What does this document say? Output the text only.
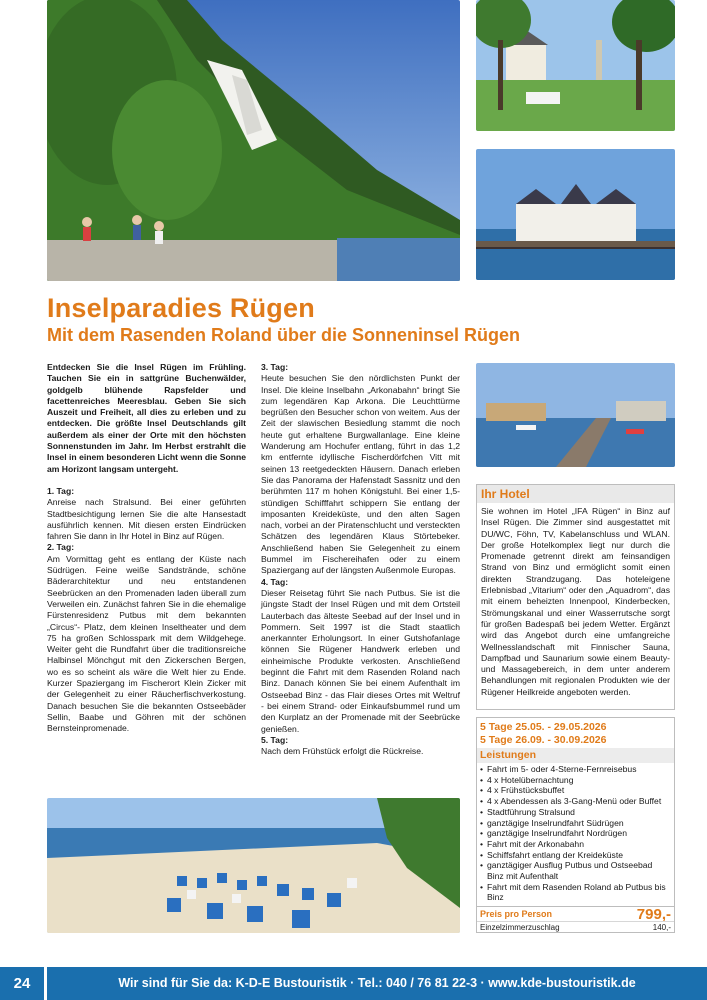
Inselparadies Rügen
Mit dem Rasenden Roland über die Sonneninsel Rügen

Entdecken Sie die Insel Rügen im Frühling. Tauchen Sie ein in sattgrüne Buchenwälder, goldgelb blühende Rapsfelder und facettenreiches Meeresblau. Geben Sie sich Auszeit und Freiheit, all dies zu erleben und zu entdecken. Die größte Insel Deutschlands gilt außerdem als einer der Orte mit den höchsten Sonnenstunden im Jahr. Im Herbst erstrahlt die Insel in einem besonderen Licht wenn die Sonne am Horizont langsam untergeht.

1. Tag:

Anreise nach Stralsund. Bei einer geführten Stadtbesichtigung lernen Sie die alte Hansestadt ausführlich kennen. Mit diesen ersten Eindrücken fahren Sie dann in Ihr Hotel in Binz auf Rügen.

2. Tag:

Am Vormittag geht es entlang der Küste nach Südrügen. Feine weiße Sandstrände, schöne Bäderarchitektur und neu entstandenen Seebrücken an den Promenaden laden überall zum Verweilen ein. Zunächst fahren Sie in die ehemalige Fürstenresidenz Putbus mit dem bekannten „Circus“- Platz, dem kleinen Inseltheater und dem 75 ha großen Schlosspark mit dem Wildgehege. Weiter geht die Rundfahrt über die traditionsreiche Halbinsel Mönchgut mit den Zickerschen Bergen, wo es so scheint als wäre die Welt hier zu Ende. Kurzer Spaziergang im Fischerort Klein Zicker mit der Gelegenheit zu einer Räucherfischverkostung. Danach besuchen Sie die bekannten Ostseebäder Sellin, Baabe und Göhren mit der schönen Bernsteinpromenade.

3. Tag:

Heute besuchen Sie den nördlichsten Punkt der Insel. Die kleine Inselbahn „Arkonabahn“ bringt Sie zum legendären Kap Arkona. Die Leuchttürme begrüßen den Besucher schon von weitem. Aus der Zeit der slawischen Besiedlung stammt die noch heute gut erhaltene Burgwallanlage. Eine kleine Wanderung am Hochufer entlang, führt in das 1,2 km entfernte idyllische Fischerdörfchen Vitt mit seinen 13 reetgedeckten Häusern. Danach erleben Sie das Panorama der Hafenstadt Sassnitz und den berühmten 117 m hohen Königstuhl. Bei einer 1,5-stündigen Schifffahrt schippern Sie entlang der imposanten Kreideküste, und den alten Sagen nach, vorbei an der Piratenschlucht und versteckten Schätzen des legendären Klaus Störtebeker. Anschließend haben Sie Gelegenheit zu einem Bummel im Fischereihafen oder zu einem Spaziergang auf der längsten Außenmole Europas.

4. Tag:

Dieser Reisetag führt Sie nach Putbus. Sie ist die jüngste Stadt der Insel Rügen und mit dem Ortsteil Lauterbach das älteste Seebad auf der Insel und in Pommern. Seit 1997 ist die Stadt staatlich anerkannter Erholungsort. In einer Gutshofanlage können Sie Rügener Handwerk erleben und einheimische Produkte verkosten. Anschließend beginnt die Fahrt mit dem Rasenden Roland nach Binz. Danach können Sie bei einem Aufenthalt im Ostseebad Binz - das Flair dieses Ortes mit Weltruf - bei einem Strand- oder Einkaufsbummel rund um den Kurplatz an der Promenade mit der Seebrücke genießen.

5. Tag:

Nach dem Frühstück erfolgt die Rückreise.

Ihr Hotel
Sie wohnen im Hotel „IFA Rügen“ in Binz auf Insel Rügen. Die Zimmer sind ausgestattet mit DU/WC, Föhn, TV, Kabelanschluss und WLAN. Der große Hotelkomplex liegt nur durch die Promenade getrennt direkt am feinsandigen Strand von Binz und ermöglicht somit einen direkten Strandzugang. Das hoteleigene Erlebnisbad „Vitarium“ oder den „Aquadrom“, das mit einem beheizten Innenpool, Kinderbecken, Strömungskanal und einer Wasserrutsche sorgt für großen Badespaß bei jedem Wetter. Ergänzt wird das Angebot durch eine umfangreiche Wellnesslandschaft mit Finnischer Sauna, Dampfbad und Saunarium sowie einem Beauty- und Massagebereich, in dem unter anderem Behandlungen mit regionalen Produkten wie der Rügener Heilkreide angeboten werden.
5 Tage 25.05. - 29.05.2026
5 Tage 26.09. - 30.09.2026
Leistungen
• Fahrt im 5- oder 4-Sterne-Fernreisebus
• 4 x Hotelübernachtung
• 4 x Frühstücksbuffet
• 4 x Abendessen als 3-Gang-Menü oder Buffet
• Stadtführung Stralsund
• ganztägige Inselrundfahrt Südrügen
• ganztägige Inselrundfahrt Nordrügen
• Fahrt mit der Arkonabahn
• Schiffsfahrt entlang der Kreideküste
• ganztägiger Ausflug Putbus und Ostseebad Binz mit Aufenthalt
• Fahrt mit dem Rasenden Roland ab Putbus bis Binz
Preis pro Person	799,-
Einzelzimmerzuschlag	140,-
24	Wir sind für Sie da: K-D-E Bustouristik · Tel.: 040 / 76 81 22-3 · www.kde-bustouristik.de
